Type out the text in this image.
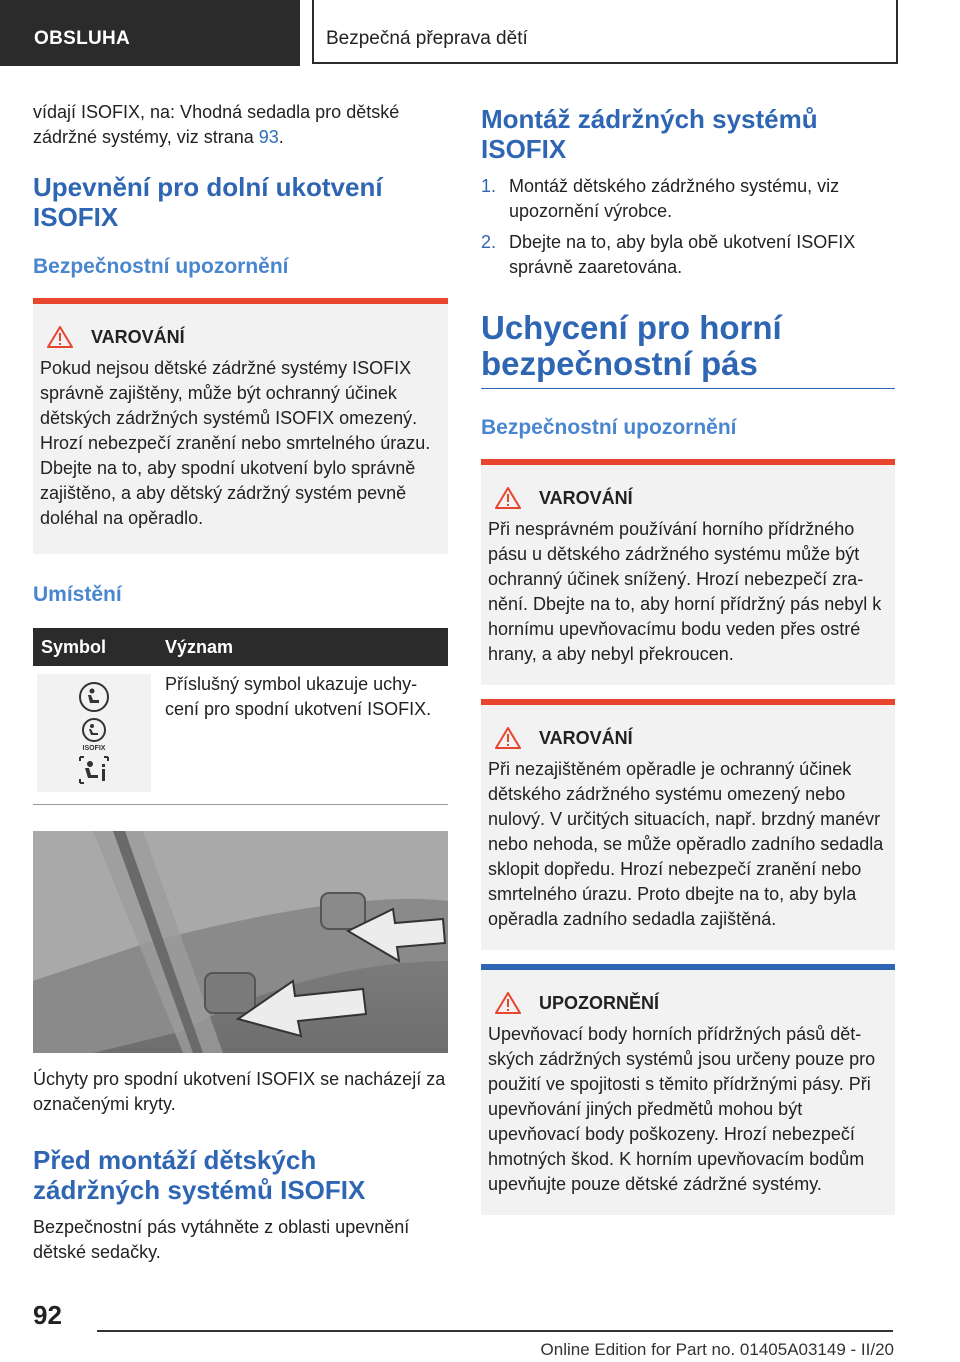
OBSLUHA	Bezpečná přeprava dětí

vídají ISOFIX, na: Vhodná sedadla pro dětské zádržné systémy, viz strana 93.

Upevnění pro dolní ukotvení ISOFIX
Bezpečnostní upozornění
VAROVÁNÍ

Pokud nejsou dětské zádržné systémy ISOFIX správně zajištěny, může být ochranný účinek dětských zádržných systémů ISOFIX omezený. Hrozí nebezpečí zranění nebo smrtelného úrazu. Dbejte na to, aby spodní ukotvení bylo správně zajištěno, a aby dětský zádržný systém pevně doléhal na opěradlo.

Umístění
Symbol	Význam

ISOFIX	Příslušný symbol ukazuje uchycení pro spodní ukotvení ISOFIX.

Úchyty pro spodní ukotvení ISOFIX se nacházejí za označenými kryty.

Před montáží dětských zádržných systémů ISOFIX

Bezpečnostní pás vytáhněte z oblasti upevnění dětské sedačky.

Montáž zádržných systémů ISOFIX
1. Montáž dětského zádržného systému, viz upozornění výrobce.
2. Dbejte na to, aby byla obě ukotvení ISOFIX správně zaaretována.
Uchycení pro horní bezpečnostní pás
Bezpečnostní upozornění
VAROVÁNÍ

Při nesprávném používání horního přídržného pásu u dětského zádržného systému může být ochranný účinek snížený. Hrozí nebezpečí zranění. Dbejte na to, aby horní přídržný pás nebyl k hornímu upevňovacímu bodu veden přes ostré hrany, a aby nebyl překroucen.

VAROVÁNÍ

Při nezajištěném opěradle je ochranný účinek dětského zádržného systému omezený nebo nulový. V určitých situacích, např. brzdný manévr nebo nehoda, se může opěradlo zadního sedadla sklopit dopředu. Hrozí nebezpečí zranění nebo smrtelného úrazu. Proto dbejte na to, aby byla opěradla zadního sedadla zajištěná.

UPOZORNĚNÍ

Upevňovací body horních přídržných pásů dětských zádržných systémů jsou určeny pouze pro použití ve spojitosti s těmito přídržnými pásy. Při upevňování jiných předmětů mohou být upevňovací body poškozeny. Hrozí nebezpečí hmotných škod. K horním upevňovacím bodům upevňujte pouze dětské zádržné systémy.

92
Online Edition for Part no. 01405A03149 - II/20
